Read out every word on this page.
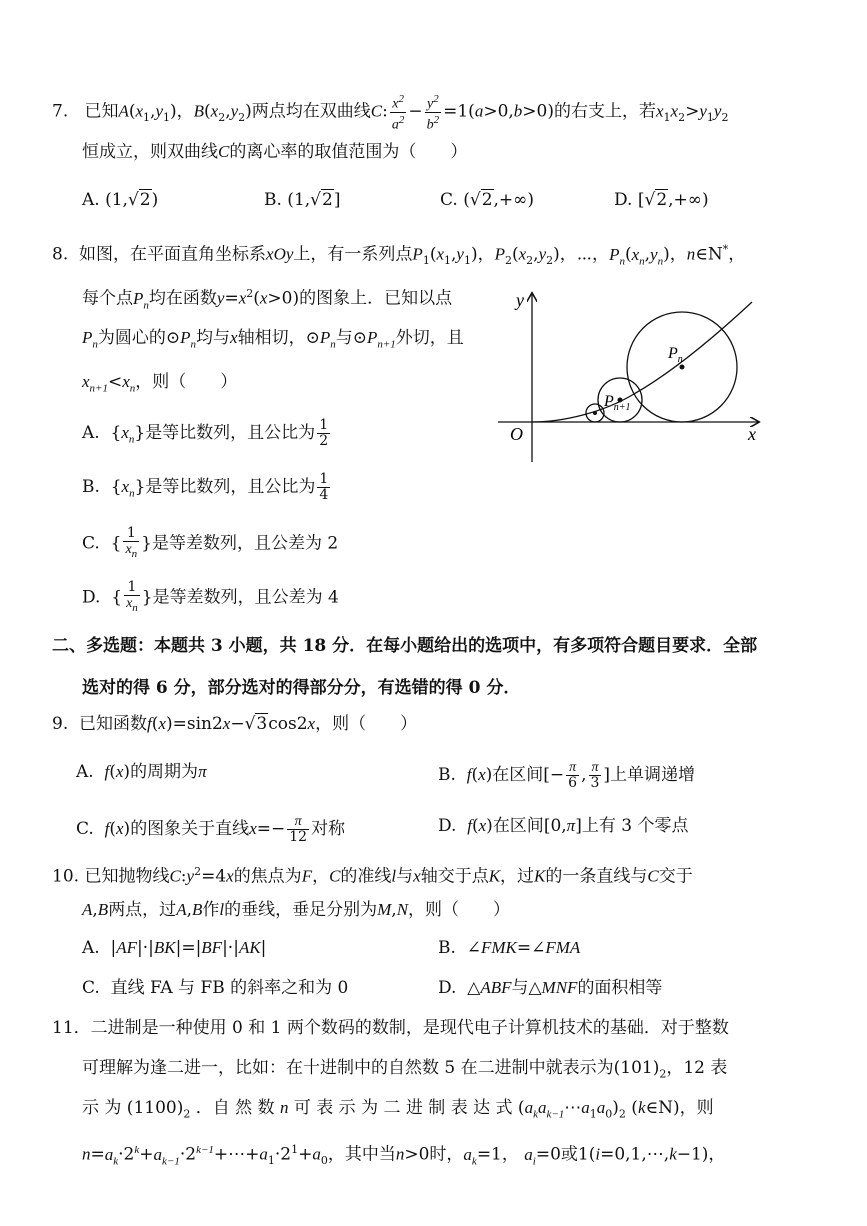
7. 已知$A(x_1,y_1)$，$B(x_2,y_2)$两点均在双曲线C: $\frac{x^2}{a^2} - \frac{y^2}{b^2} =1(a>0,b>0)$的右支上，若$x_1x_2>y_1y_2$
恒成立，则双曲线C的离心率的取值范围为（　　）
A. (1,√2)	B. (1,√2]	C. (√2,+∞)	D. [√2,+∞)
8. 如图，在平面直角坐标系xOy上，有一系列点$P_1(x_1,y_1)$，$P_2(x_2,y_2)$，⋯，$P_n(x_n,y_n)$，n∈N*，
每个点$P_n$均在函数$y=x^2(x>0)$的图象上．已知以点
$P_n$为圆心的$⊙P_n$均与x轴相切，$⊙P_n$与$⊙P_{n+1}$外切，且
$x_{n+1}<x_n$，则（　　）
A.  $\{x_n\}$是等比数列，且公比为 $\frac{1}{2}$
B.  $\{x_n\}$是等比数列，且公比为 $\frac{1}{4}$
C.  { $\frac{1}{x_n}$ }是等差数列，且公差为 2
D.  { $\frac{1}{x_n}$ }是等差数列，且公差为 4
y
x
O
$P_n$
$P_{n+1}$
二、多选题：本题共 3 小题，共 18 分．在每小题给出的选项中，有多项符合题目要求．全部
选对的得 6 分，部分选对的得部分分，有选错的得 0 分．
9. 已知函数f(x)=sin2x−√3cos2x，则（　　）
A.  f(x)的周期为π	B.  f(x)在区间[− $\frac{\pi}{6}$ , $\frac{\pi}{3}$ ]上单调递增
C.  f(x)的图象关于直线$x=- \frac{\pi}{12}$ 对称	D.  f(x)在区间[0,π]上有 3 个零点
10. 已知抛物线$C:y^2=4x$的焦点为F，C的准线l与x轴交于点K，过K的一条直线与C交于
A,B两点，过A,B作l的垂线，垂足分别为M,N，则（　　）
A.  |AF|·|BK|=|BF|·|AK|	B.  ∠FMK=∠FMA
C.  直线 FA 与 FB 的斜率之和为 0	D.  △ABF与△MNF的面积相等
11．二进制是一种使用 0 和 1 两个数码的数制，是现代电子计算机技术的基础．对于整数
可理解为逢二进一，比如：在十进制中的自然数 5 在二进制中就表示为$(101)_2$，12 表
示 为 $(1100)_2$ ．自 然 数 n 可 表 示 为 二 进 制 表 达 式 $(a_ka_{k-1}\cdots a_1a_0)_2$ (k∈N)，则
$n=a_k\cdot 2^k+a_{k-1}\cdot 2^{k-1}+\cdots+a_1\cdot 2^1+a_0$，其中当n>0时，$a_k=1$， $a_i=0$或1(i=0,1,⋯,k−1)，
